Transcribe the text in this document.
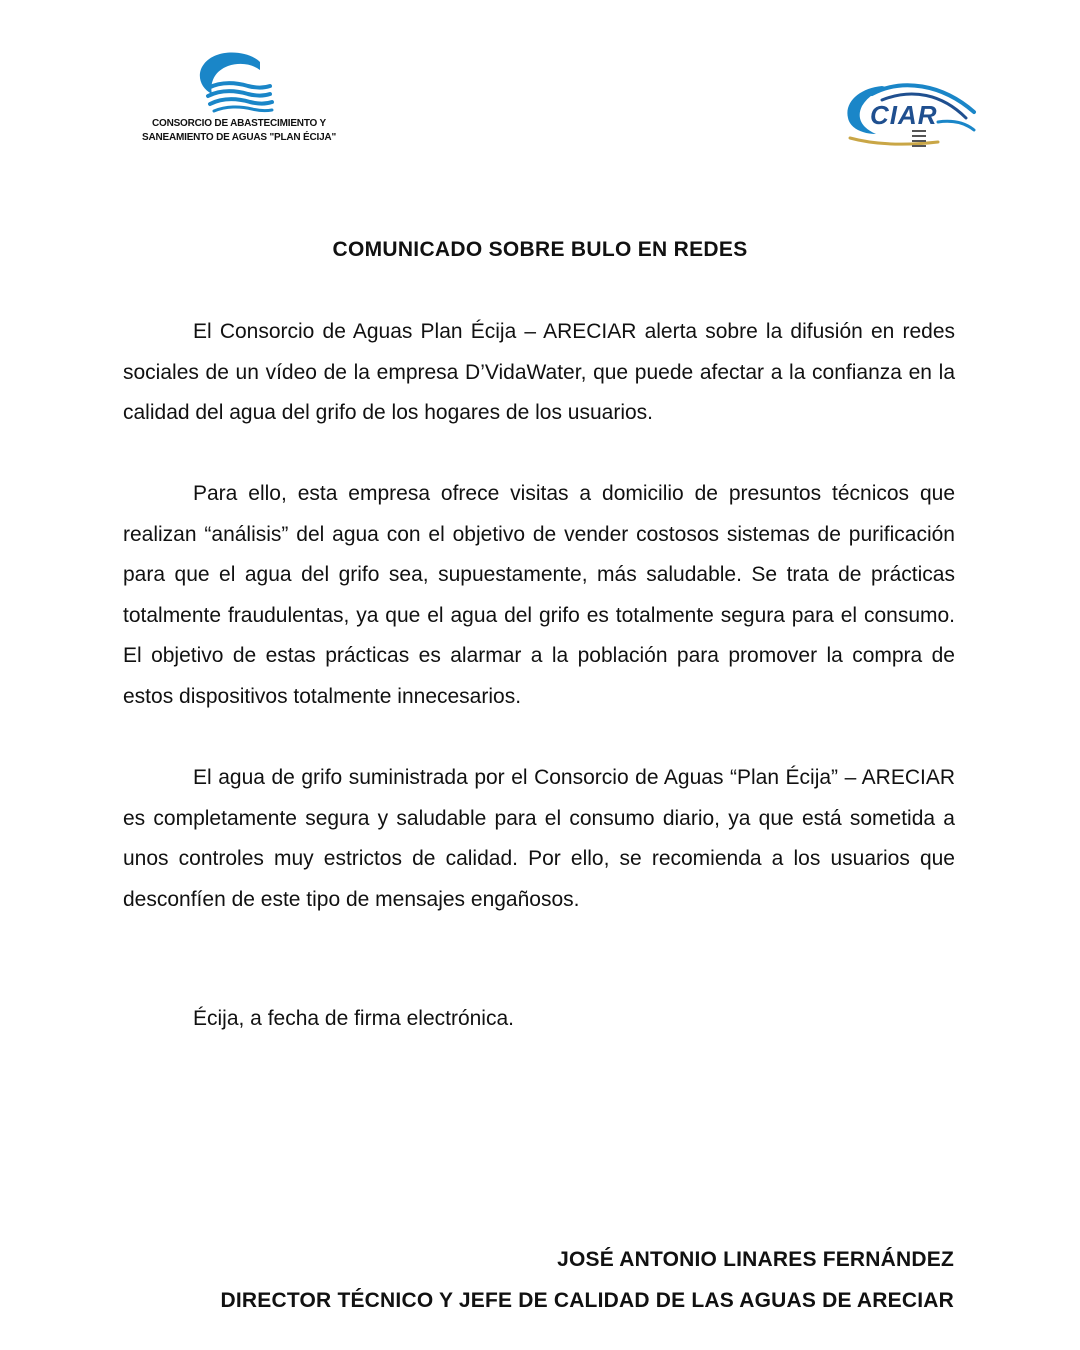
CONSORCIO DE ABASTECIMIENTO Y
SANEAMIENTO DE AGUAS "PLAN ÉCIJA"
CIAR
COMUNICADO SOBRE BULO EN REDES

El Consorcio de Aguas Plan Écija – ARECIAR alerta sobre la difusión en redes sociales de un vídeo de la empresa D’VidaWater, que puede afectar a la confianza en la calidad del agua del grifo de los hogares de los usuarios.

Para ello, esta empresa ofrece visitas a domicilio de presuntos técnicos que realizan “análisis” del agua con el objetivo de vender costosos sistemas de purificación para que el agua del grifo sea, supuestamente, más saludable. Se trata de prácticas totalmente fraudulentas, ya que el agua del grifo es totalmente segura para el consumo. El objetivo de estas prácticas es alarmar a la población para promover la compra de estos dispositivos totalmente innecesarios.

El agua de grifo suministrada por el Consorcio de Aguas “Plan Écija” – ARECIAR es completamente segura y saludable para el consumo diario, ya que está sometida a unos controles muy estrictos de calidad. Por ello, se recomienda a los usuarios que desconfíen de este tipo de mensajes engañosos.

Écija, a fecha de firma electrónica.
JOSÉ ANTONIO LINARES FERNÁNDEZ
DIRECTOR TÉCNICO Y JEFE DE CALIDAD DE LAS AGUAS DE ARECIAR
